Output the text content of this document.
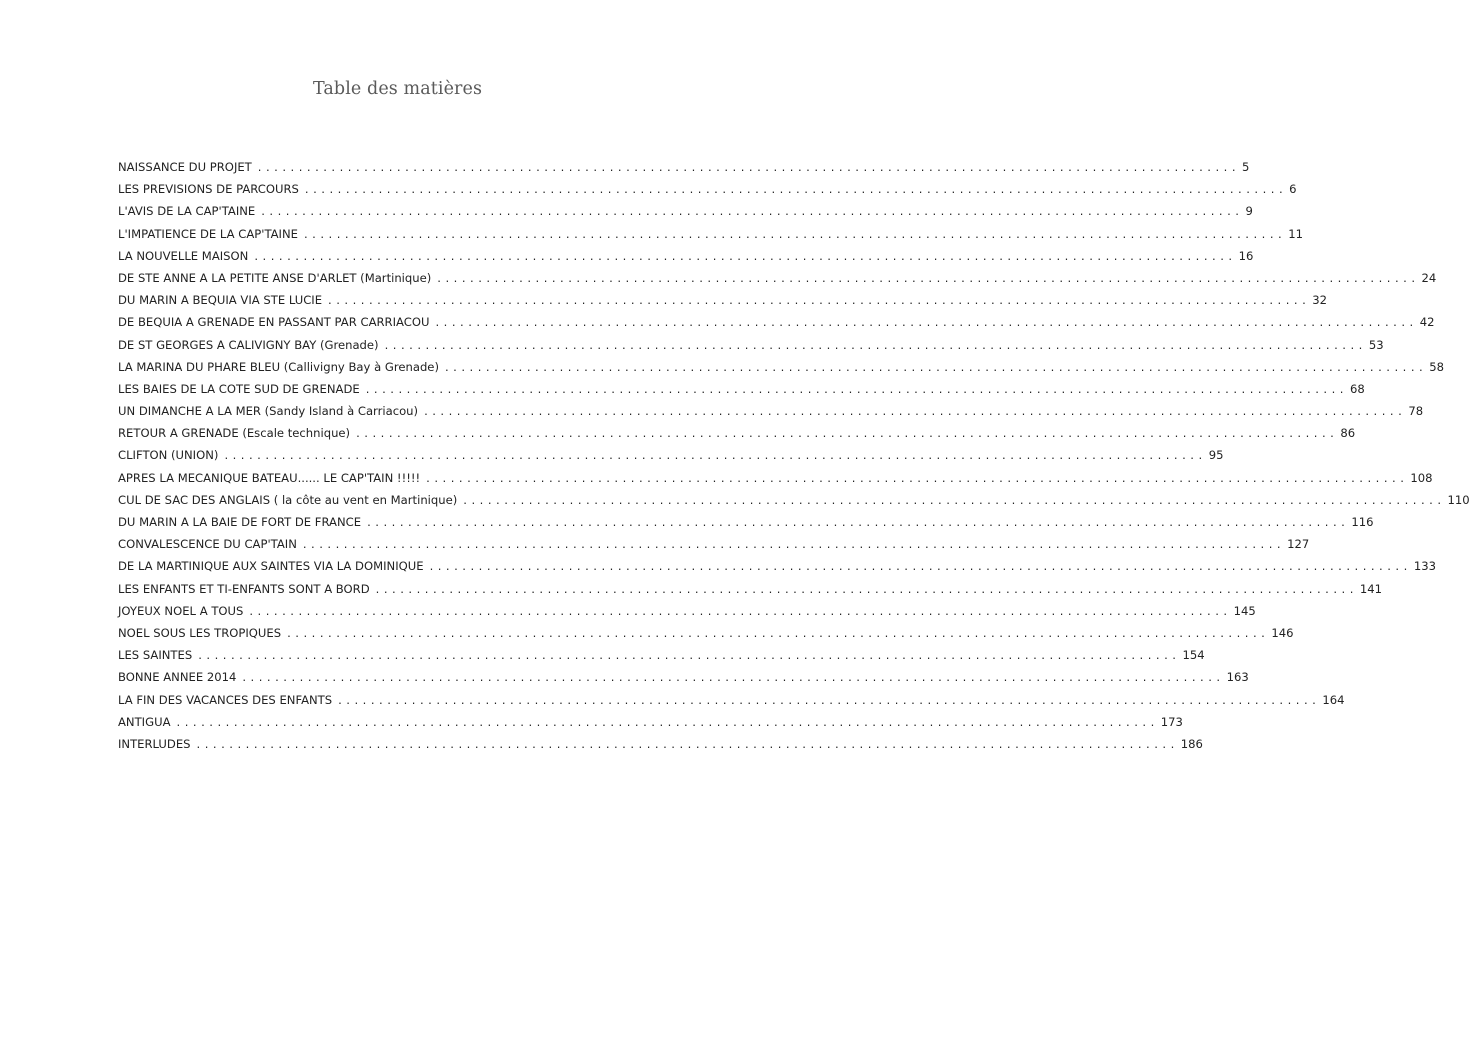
Table des matières
NAISSANCE DU PROJET ........................................................................................................................ 5
LES PREVISIONS DE PARCOURS ........................................................................................................................ 6
L'AVIS DE LA CAP'TAINE ........................................................................................................................ 9
L'IMPATIENCE DE LA CAP'TAINE ........................................................................................................................ 11
LA NOUVELLE MAISON ........................................................................................................................ 16
DE STE ANNE A LA PETITE ANSE D'ARLET (Martinique) ........................................................................................................................ 24
DU MARIN A BEQUIA VIA STE LUCIE ........................................................................................................................ 32
DE BEQUIA A GRENADE EN PASSANT PAR CARRIACOU ........................................................................................................................ 42
DE ST GEORGES A CALIVIGNY BAY (Grenade) ........................................................................................................................ 53
LA MARINA DU PHARE BLEU (Callivigny Bay à Grenade) ........................................................................................................................ 58
LES BAIES DE LA COTE SUD DE GRENADE ........................................................................................................................ 68
UN DIMANCHE A LA MER (Sandy Island à Carriacou) ........................................................................................................................ 78
RETOUR A GRENADE (Escale technique) ........................................................................................................................ 86
CLIFTON (UNION) ........................................................................................................................ 95
APRES LA MECANIQUE BATEAU...... LE CAP'TAIN !!!!! ........................................................................................................................ 108
CUL DE SAC DES ANGLAIS ( la côte au vent en Martinique) ........................................................................................................................ 110
DU MARIN A LA BAIE DE FORT DE FRANCE ........................................................................................................................ 116
CONVALESCENCE DU CAP'TAIN ........................................................................................................................ 127
DE LA MARTINIQUE AUX SAINTES VIA LA DOMINIQUE ........................................................................................................................ 133
LES ENFANTS ET TI-ENFANTS SONT A BORD ........................................................................................................................ 141
JOYEUX NOEL A TOUS ........................................................................................................................ 145
NOEL SOUS LES TROPIQUES ........................................................................................................................ 146
LES SAINTES ........................................................................................................................ 154
BONNE ANNEE 2014 ........................................................................................................................ 163
LA FIN DES VACANCES DES ENFANTS ........................................................................................................................ 164
ANTIGUA ........................................................................................................................ 173
INTERLUDES ........................................................................................................................ 186
